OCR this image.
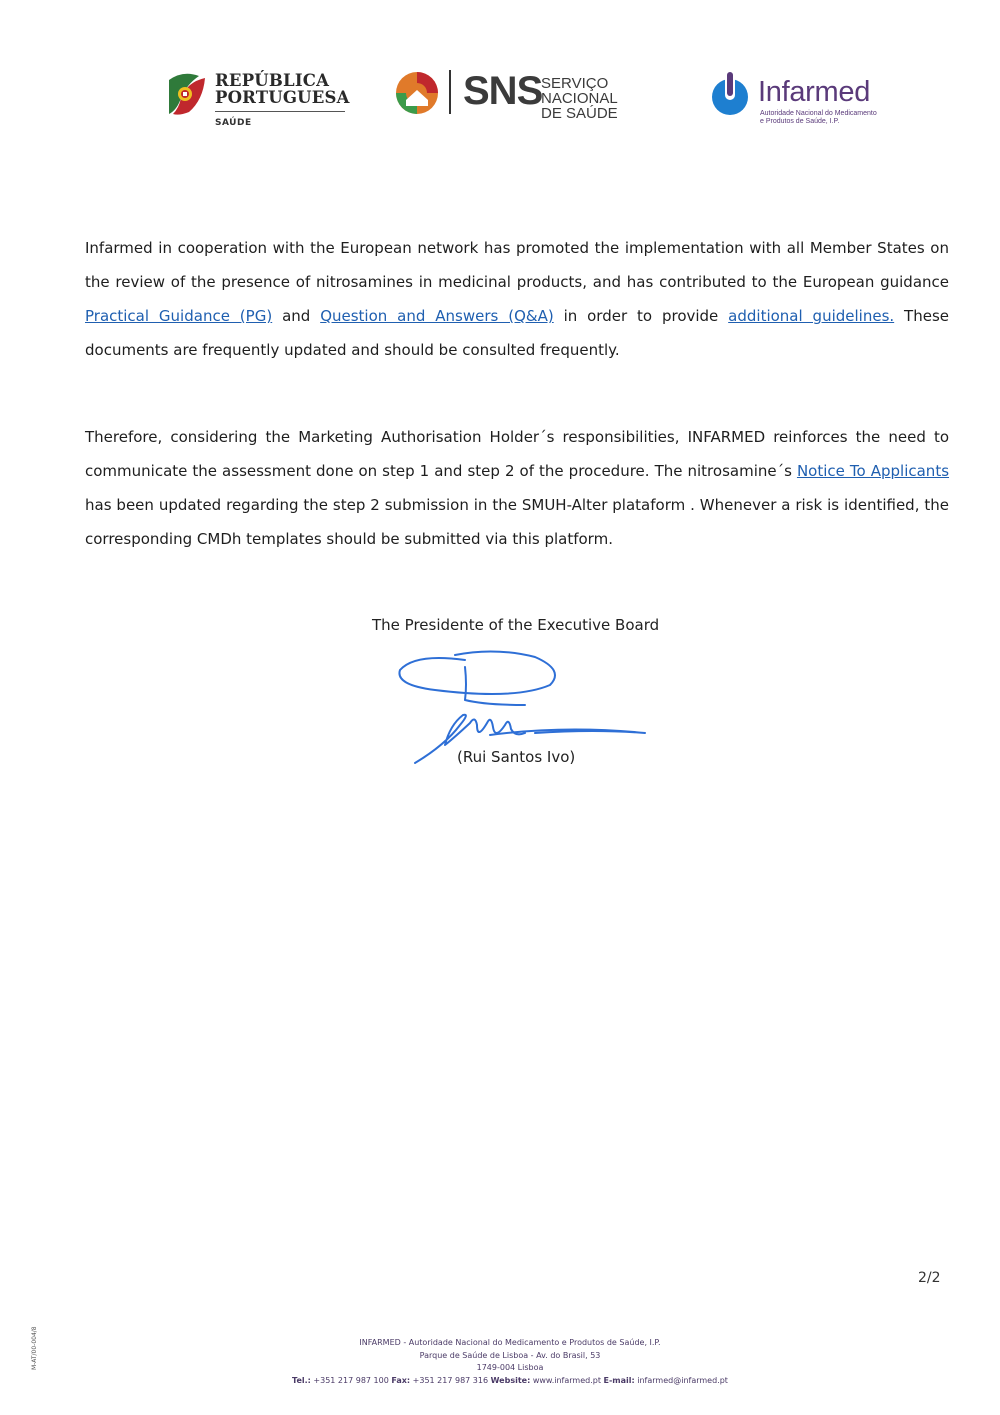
REPÚBLICA
PORTUGUESA
SAÚDE
SNS
SERVIÇO NACIONAL
DE SAÚDE
Infarmed
Autoridade Nacional do Medicamento
e Produtos de Saúde, I.P.
Infarmed in cooperation with the European network has promoted the implementation with all Member States on the review of the presence of nitrosamines in medicinal products, and has contributed to the European guidance Practical Guidance (PG) and Question and Answers (Q&A) in order to provide additional guidelines. These documents are frequently updated and should be consulted frequently.
Therefore, considering the Marketing Authorisation Holder´s responsibilities, INFARMED reinforces the need to communicate the assessment done on step 1 and step 2 of the procedure. The nitrosamine´s Notice To Applicants has been updated regarding the step 2 submission in the SMUH-Alter plataform . Whenever a risk is identified, the corresponding CMDh templates should be submitted via this platform.
The Presidente of the Executive Board
(Rui Santos Ivo)
2/2
M-AT/00-004/8	INFARMED - Autoridade Nacional do Medicamento e Produtos de Saúde, I.P.
Parque de Saúde de Lisboa - Av. do Brasil, 53
1749-004 Lisboa
Tel.: +351 217 987 100 Fax: +351 217 987 316 Website: www.infarmed.pt E-mail: infarmed@infarmed.pt
